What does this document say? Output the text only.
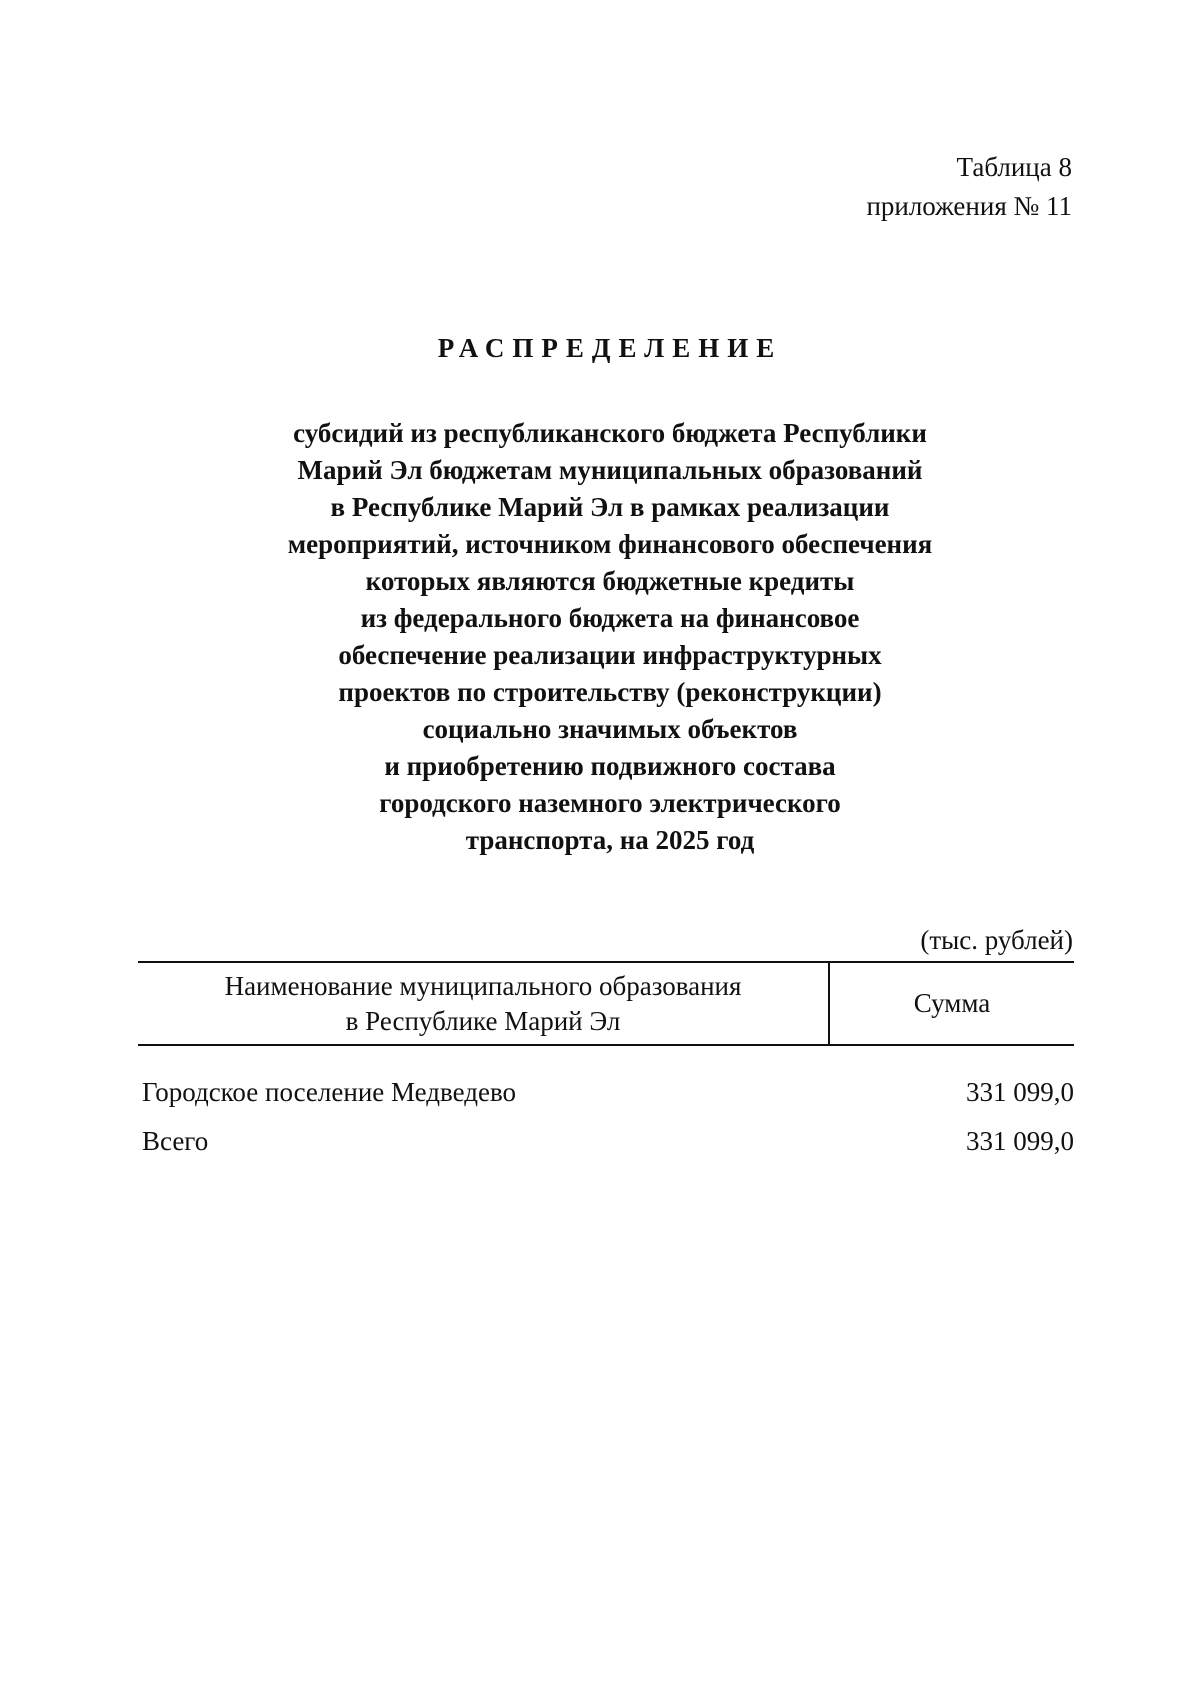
Таблица 8
приложения № 11
РАСПРЕДЕЛЕНИЕ
субсидий из республиканского бюджета Республики
Марий Эл бюджетам муниципальных образований
в Республике Марий Эл в рамках реализации
мероприятий, источником финансового обеспечения
которых являются бюджетные кредиты
из федерального бюджета на финансовое
обеспечение реализации инфраструктурных
проектов по строительству (реконструкции)
социально значимых объектов
и приобретению подвижного состава
городского наземного электрического
транспорта, на 2025 год
(тыс. рублей)
Наименование муниципального образования
в Республике Марий Эл
Сумма
Городское поселение Медведево	331 099,0
Всего	331 099,0
